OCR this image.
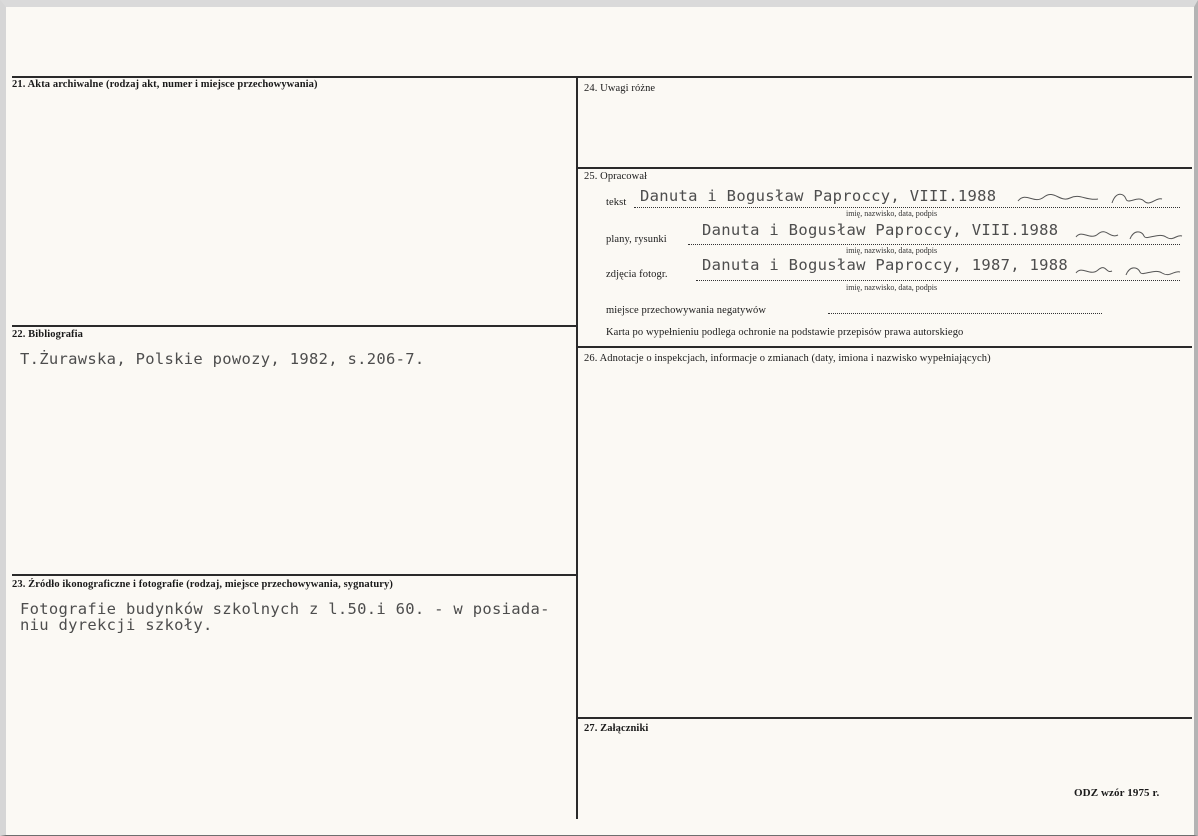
21. Akta archiwalne (rodzaj akt, numer i miejsce przechowywania)
22. Bibliografia
T.Żurawska, Polskie powozy, 1982, s.206-7.
23. Źródło ikonograficzne i fotografie (rodzaj, miejsce przechowywania, sygnatury)
Fotografie budynków szkolnych z l.50.i 60. - w posiada-
niu dyrekcji szkoły.
24. Uwagi różne
25. Opracował
tekst Danuta i Bogusław Paproccy, VIII.1988
imię, nazwisko, data, podpis
plany, rysunki
Danuta i Bogusław Paproccy, VIII.1988
imię, nazwisko, data, podpis
zdjęcia fotogr.
Danuta i Bogusław Paproccy, 1987, 1988
imię, nazwisko, data, podpis
miejsce przechowywania negatywów
Karta po wypełnieniu podlega ochronie na podstawie przepisów prawa autorskiego
26. Adnotacje o inspekcjach, informacje o zmianach (daty, imiona i nazwisko wypełniających)
27. Załączniki
ODZ wzór 1975 r.
